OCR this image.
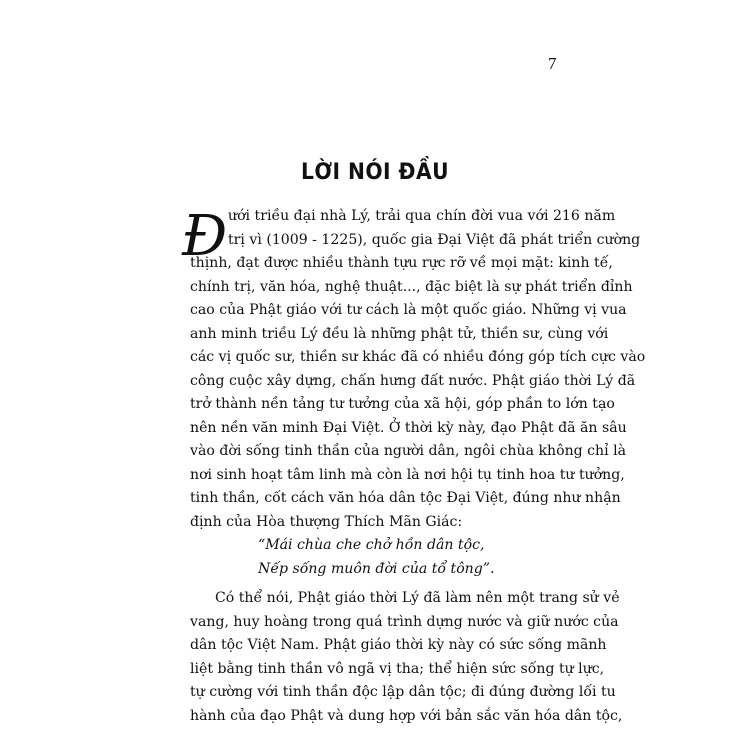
7
LỜI NÓI ĐẦU
Đ ưới triều đại nhà Lý, trải qua chín đời vua với 216 năm
trị vì (1009 - 1225), quốc gia Đại Việt đã phát triển cường
thịnh, đạt được nhiều thành tựu rực rỡ về mọi mặt: kinh tế,
chính trị, văn hóa, nghệ thuật..., đặc biệt là sự phát triển đỉnh
cao của Phật giáo với tư cách là một quốc giáo. Những vị vua
anh minh triều Lý đều là những phật tử, thiền sư, cùng với
các vị quốc sư, thiền sư khác đã có nhiều đóng góp tích cực vào
công cuộc xây dựng, chấn hưng đất nước. Phật giáo thời Lý đã
trở thành nền tảng tư tưởng của xã hội, góp phần to lớn tạo
nên nền văn minh Đại Việt. Ở thời kỳ này, đạo Phật đã ăn sâu
vào đời sống tinh thần của người dân, ngôi chùa không chỉ là
nơi sinh hoạt tâm linh mà còn là nơi hội tụ tinh hoa tư tưởng,
tinh thần, cốt cách văn hóa dân tộc Đại Việt, đúng như nhận
định của Hòa thượng Thích Mãn Giác:
“Mái chùa che chở hồn dân tộc,
Nếp sống muôn đời của tổ tông”.
Có thể nói, Phật giáo thời Lý đã làm nên một trang sử vẻ
vang, huy hoàng trong quá trình dựng nước và giữ nước của
dân tộc Việt Nam. Phật giáo thời kỳ này có sức sống mãnh
liệt bằng tinh thần vô ngã vị tha; thể hiện sức sống tự lực,
tự cường với tinh thần độc lập dân tộc; đi đúng đường lối tu
hành của đạo Phật và dung hợp với bản sắc văn hóa dân tộc,
